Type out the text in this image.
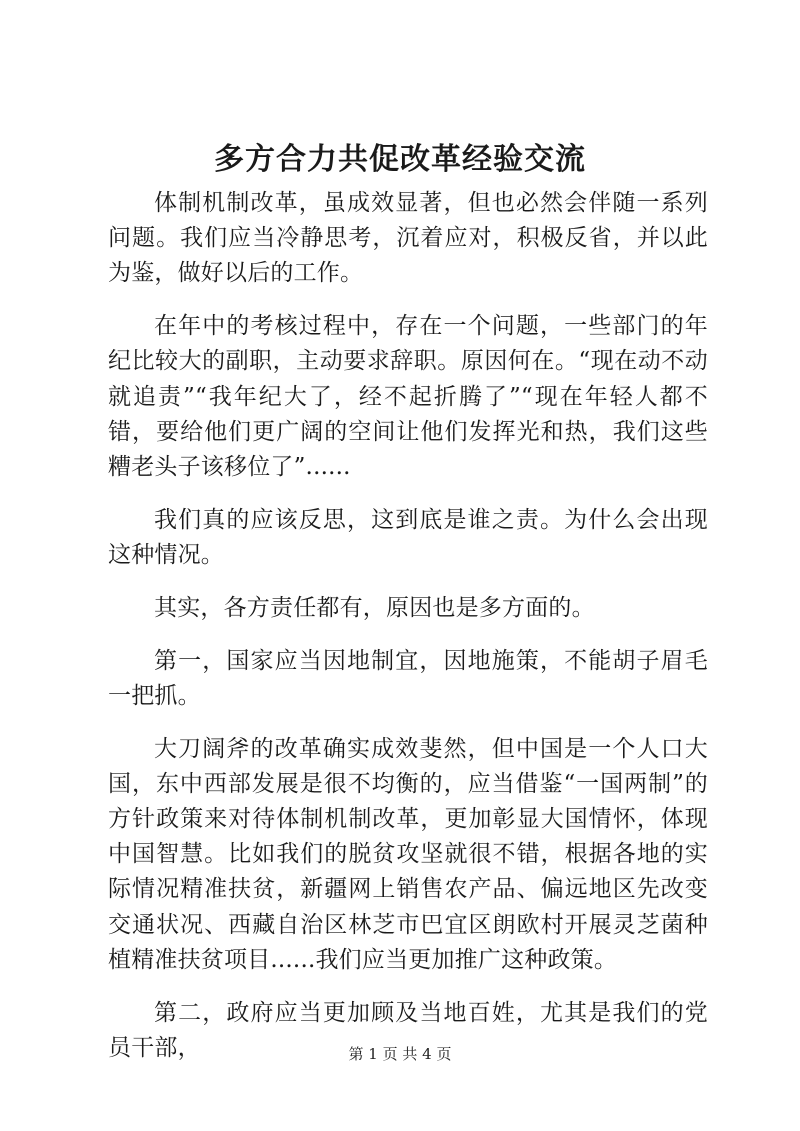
多方合力共促改革经验交流

体制机制改革，虽成效显著，但也必然会伴随一系列问题。我们应当冷静思考，沉着应对，积极反省，并以此为鉴，做好以后的工作。

在年中的考核过程中，存在一个问题，一些部门的年纪比较大的副职，主动要求辞职。原因何在。“现在动不动就追责”“我年纪大了，经不起折腾了”“现在年轻人都不错，要给他们更广阔的空间让他们发挥光和热，我们这些糟老头子该移位了”......

我们真的应该反思，这到底是谁之责。为什么会出现这种情况。

其实，各方责任都有，原因也是多方面的。

第一，国家应当因地制宜，因地施策，不能胡子眉毛一把抓。

大刀阔斧的改革确实成效斐然，但中国是一个人口大国，东中西部发展是很不均衡的，应当借鉴“一国两制”的方针政策来对待体制机制改革，更加彰显大国情怀，体现中国智慧。比如我们的脱贫攻坚就很不错，根据各地的实际情况精准扶贫，新疆网上销售农产品、偏远地区先改变交通状况、西藏自治区林芝市巴宜区朗欧村开展灵芝菌种植精准扶贫项目......我们应当更加推广这种政策。

第二，政府应当更加顾及当地百姓，尤其是我们的党员干部，	第 1 页 共 4 页
